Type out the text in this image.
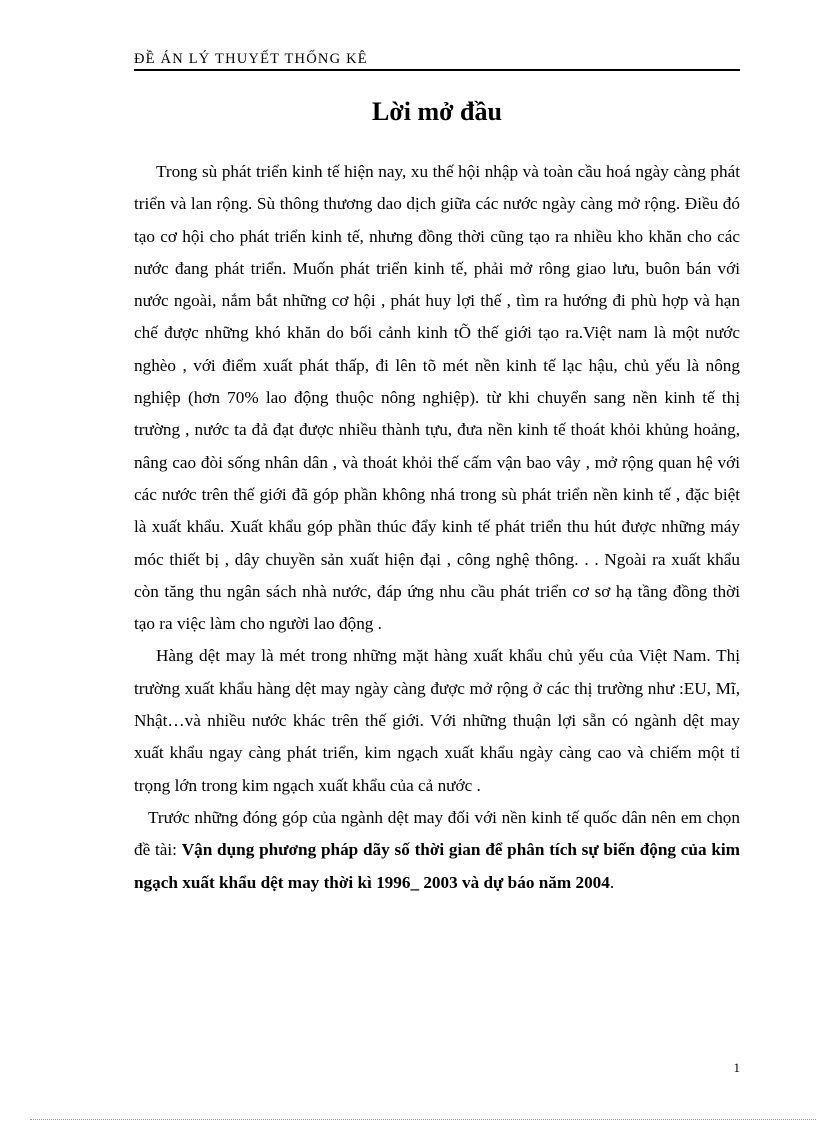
ĐỀ ÁN LÝ THUYẾT THỐNG KÊ
Lời mở đầu

Trong sù phát triển kinh tế hiện nay, xu thế hội nhập và toàn cầu hoá ngày càng phát triển và lan rộng. Sù thông thương dao dịch giữa các nước ngày càng mở rộng. Điều đó tạo cơ hội cho phát triển kinh tế, nhưng đồng thời cũng tạo ra nhiều kho khăn cho các nước đang phát triển. Muốn phát triển kinh tế, phải mở rông giao lưu, buôn bán với nước ngoài, nắm bắt những cơ hội , phát huy lợi thế , tìm ra hướng đi phù hợp và hạn chế được những khó khăn do bối cảnh kinh tÕ thế giới tạo ra.Việt nam là một nước nghèo , với điểm xuất phát thấp, đi lên tõ mét nền kinh tế lạc hậu, chủ yếu là nông nghiệp (hơn 70% lao động thuộc nông nghiệp). từ khi chuyển sang nền kinh tế thị trường , nước ta đả đạt được nhiều thành tựu, đưa nền kinh tế thoát khỏi khủng hoảng, nâng cao đòi sống nhân dân , và thoát khỏi thế cấm vận bao vây , mở rộng quan hệ với các nước trên thế giới đã góp phần không nhá trong sù phát triển nền kinh tế , đặc biệt là xuất khẩu. Xuất khẩu góp phần thúc đẩy kinh tế phát triển thu hút được những máy móc thiết bị , dây chuyền sản xuất hiện đại , công nghệ thông. . . Ngoài ra xuất khẩu còn tăng thu ngân sách nhà nước, đáp ứng nhu cầu phát triển cơ sơ hạ tầng đồng thời tạo ra việc làm cho người lao động .

Hàng dệt may là mét trong những mặt hàng xuất khẩu chủ yếu của Việt Nam. Thị trường xuất khẩu hàng dệt may ngày càng được mở rộng ở các thị trường như :EU, Mĩ, Nhật…và nhiều nước khác trên thế giới. Với những thuận lợi sẵn có ngành dệt may xuất khẩu ngay càng phát triển, kim ngạch xuất khẩu ngày càng cao và chiếm một tỉ trọng lớn trong kim ngạch xuất khẩu của cả nước .

Trước những đóng góp của ngành dệt may đối với nền kinh tế quốc dân nên em chọn đề tài: Vận dụng phương pháp dãy số thời gian để phân tích sự biến động của kim ngạch xuất khẩu dệt may thời kì 1996_ 2003 và dự báo năm 2004.

1
